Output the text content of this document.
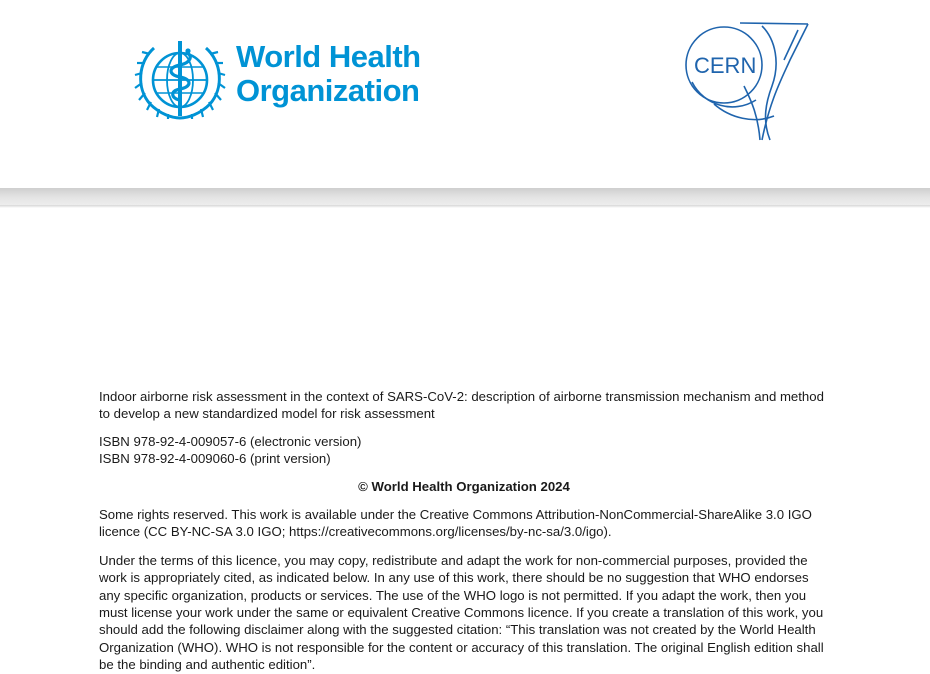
World Health
Organization
CERN

Indoor airborne risk assessment in the context of SARS-CoV-2: description of airborne transmission mechanism and method to develop a new standardized model for risk assessment

ISBN 978-92-4-009057-6 (electronic version)

ISBN 978-92-4-009060-6 (print version)

© World Health Organization 2024

Some rights reserved. This work is available under the Creative Commons Attribution-NonCommercial-ShareAlike 3.0 IGO licence (CC BY-NC-SA 3.0 IGO; https://creativecommons.org/licenses/by-nc-sa/3.0/igo).

Under the terms of this licence, you may copy, redistribute and adapt the work for non-commercial purposes, provided the work is appropriately cited, as indicated below. In any use of this work, there should be no suggestion that WHO endorses any specific organization, products or services. The use of the WHO logo is not permitted. If you adapt the work, then you must license your work under the same or equivalent Creative Commons licence. If you create a translation of this work, you should add the following disclaimer along with the suggested citation: “This translation was not created by the World Health Organization (WHO). WHO is not responsible for the content or accuracy of this translation. The original English edition shall be the binding and authentic edition”.
